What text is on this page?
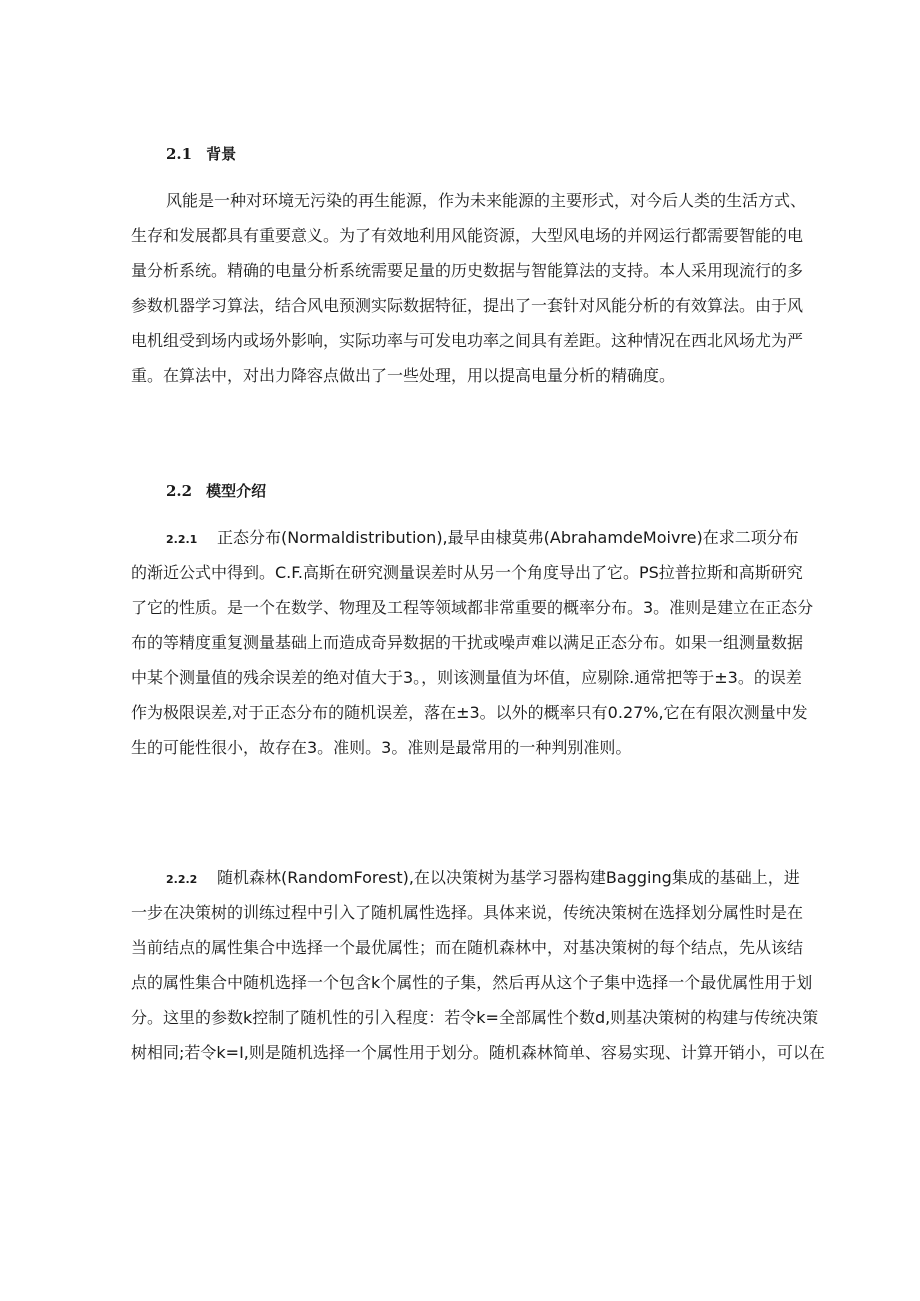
2.1 背景
风能是一种对环境无污染的再生能源，作为未来能源的主要形式，对今后人类的生活方式、
生存和发展都具有重要意义。为了有效地利用风能资源，大型风电场的并网运行都需要智能的电
量分析系统。精确的电量分析系统需要足量的历史数据与智能算法的支持。本人采用现流行的多
参数机器学习算法，结合风电预测实际数据特征，提出了一套针对风能分析的有效算法。由于风
电机组受到场内或场外影响，实际功率与可发电功率之间具有差距。这种情况在西北风场尤为严
重。在算法中，对出力降容点做出了一些处理，用以提高电量分析的精确度。
2.2 模型介绍
2.2.1 正态分布(Normaldistribution),最早由棣莫弗(AbrahamdeMoivre)在求二项分布
的渐近公式中得到。C.F.高斯在研究测量误差时从另一个角度导出了它。PS拉普拉斯和高斯研究
了它的性质。是一个在数学、物理及工程等领域都非常重要的概率分布。3。准则是建立在正态分
布的等精度重复测量基础上而造成奇异数据的干扰或噪声难以满足正态分布。如果一组测量数据
中某个测量值的残余误差的绝对值大于3。，则该测量值为坏值，应剔除.通常把等于±3。的误差
作为极限误差,对于正态分布的随机误差，落在±3。以外的概率只有0.27%,它在有限次测量中发
生的可能性很小，故存在3。准则。3。准则是最常用的一种判别准则。
2.2.2 随机森林(RandomForest),在以决策树为基学习器构建Bagging集成的基础上，进
一步在决策树的训练过程中引入了随机属性选择。具体来说，传统决策树在选择划分属性时是在
当前结点的属性集合中选择一个最优属性；而在随机森林中，对基决策树的每个结点，先从该结
点的属性集合中随机选择一个包含k个属性的子集，然后再从这个子集中选择一个最优属性用于划
分。这里的参数k控制了随机性的引入程度：若令k=全部属性个数d,则基决策树的构建与传统决策
树相同;若令k=I,则是随机选择一个属性用于划分。随机森林简单、容易实现、计算开销小，可以在
